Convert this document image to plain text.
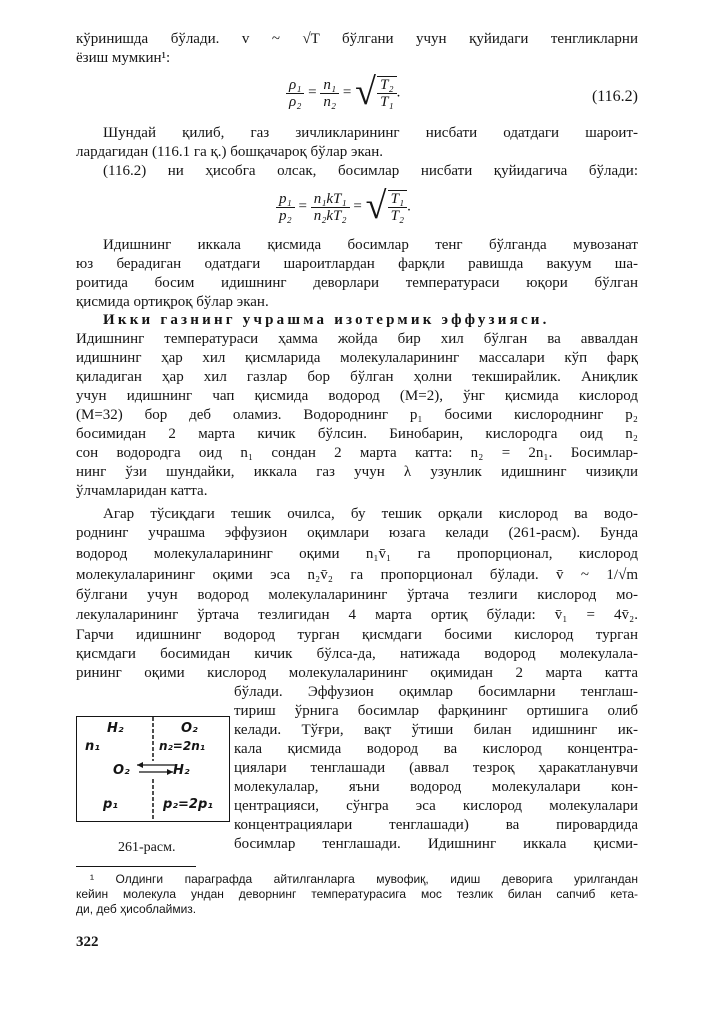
кўринишда бўлади. v ~ √T бўлгани учун қуйидаги тенгликларни
ёзиш мумкин¹:
$\frac{\text{ρ₁}}{\text{ρ₂}} = \frac{\text{n₁}}{\text{n₂}}$ = √ $\frac{\text{T₂}}{\text{T₁}}$ .	(116.2)
Шундай қилиб, газ зичликларининг нисбати одатдаги шароит-
лардагидан (116.1 га қ.) бошқачароқ бўлар экан.
(116.2) ни ҳисобга олсак, босимлар нисбати қуйидагича бўлади:
$\frac{\text{p₁}}{\text{p₂}} = \frac{\text{n₁kT₁}}{\text{n₂kT₂}}$ = √ $\frac{\text{T₁}}{\text{T₂}}$ .
Идишнинг иккала қисмида босимлар тенг бўлганда мувозанат
юз берадиган одатдаги шароитлардан фарқли равишда вакуум ша-
роитида босим идишнинг деворлари температураси юқори бўлган
қисмида ортиқроқ бўлар экан.
Икки газнинг учрашма изотермик эффузияси.
Идишнинг температураси ҳамма жойда бир хил бўлган ва аввалдан
идишнинг ҳар хил қисмларида молекулаларининг массалари кўп фарқ
қиладиган ҳар хил газлар бор бўлган ҳолни текширайлик. Аниқлик
учун идишнинг чап қисмида водород (M=2), ўнг қисмида кислород
(M=32) бор деб оламиз. Водороднинг p₁ босими кислороднинг p₂
босимидан 2 марта кичик бўлсин. Бинобарин, кислородга оид n₂
сон водородга оид n₁ сондан 2 марта катта: n₂ = 2n₁. Босимлар-
нинг ўзи шундайки, иккала газ учун λ узунлик идишнинг чизиқли
ўлчамларидан катта.
Агар тўсиқдаги тешик очилса, бу тешик орқали кислород ва водо-
роднинг учрашма эффузион оқимлари юзага келади (261-расм). Бунда
водород молекулаларининг оқими n₁v̄₁ га пропорционал, кислород
молекулаларининг оқими эса n₂v̄₂ га пропорционал бўлади. v̄ ~ 1/√m
бўлгани учун водород молекулаларининг ўртача тезлиги кислород мо-
лекулаларининг ўртача тезлигидан 4 марта ортиқ бўлади: v̄₁ = 4v̄₂.
Гарчи идишнинг водород турган қисмдаги босими кислород турган
қисмдаги босимидан кичик бўлса-да, натижада водород молекулала-
рининг оқими кислород молекулаларининг оқимидан 2 марта катта
бўлади. Эффузион оқимлар босимларни тенглаш-
тириш ўрнига босимлар фарқининг ортишига олиб
келади. Тўғри, вақт ўтиши билан идишнинг ик-
кала қисмида водород ва кислород концентра-
циялари тенглашади (аввал тезроқ ҳаракатланувчи
молекулалар, яъни водород молекулалари кон-
центрацияси, сўнгра эса кислород молекулалари
концентрациялари тенглашади) ва пировардида
босимлар тенглашади. Идишнинг иккала қисми-
H₂	O₂
n₁	n₂=2n₁
O₂	H₂
p₁	p₂=2p₁
261-расм.
¹ Олдинги параграфда айтилганларга мувофиқ, идиш деворига урилгандан
кейин молекула ундан деворнинг температурасига мос тезлик билан сапчиб кета-
ди, деб ҳисоблаймиз.
322
